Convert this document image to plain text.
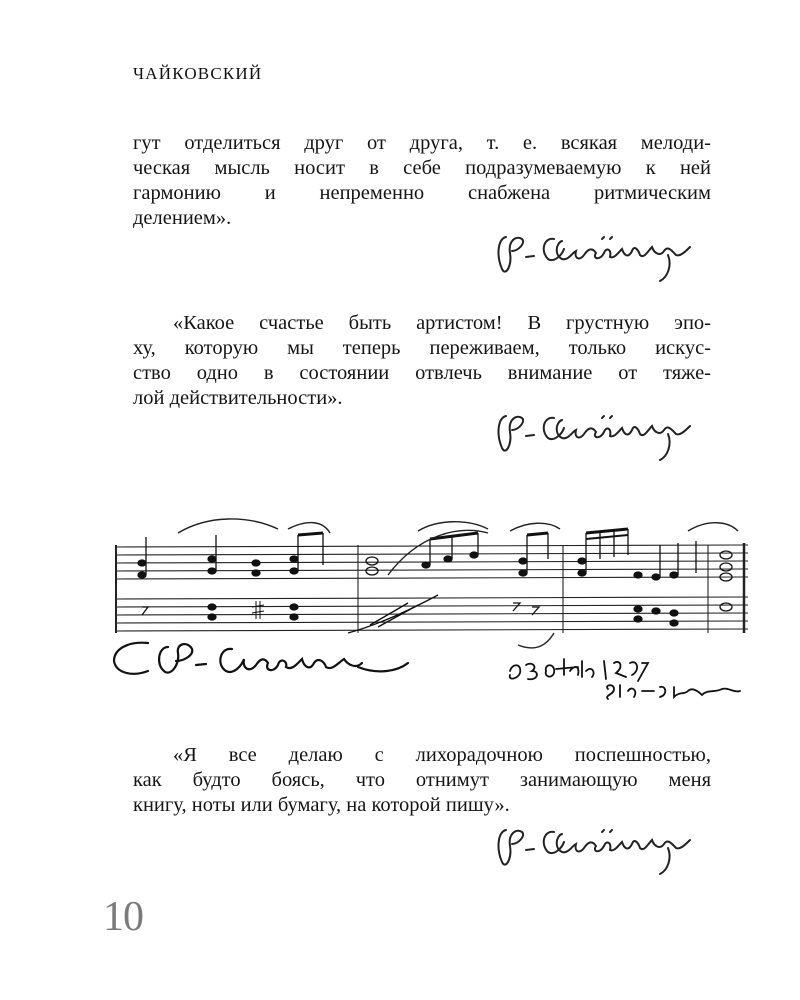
ЧАЙКОВСКИЙ
гут отделиться друг от друга, т. е. всякая мелоди-
ческая мысль носит в себе подразумеваемую к ней
гармонию и непременно снабжена ритмическим
делением».
«Какое счастье быть артистом! В грустную эпо-
ху, которую мы теперь переживаем, только искус-
ство одно в состоянии отвлечь внимание от тяже-
лой действительности».
«Я все делаю с лихорадочною поспешностью,
как будто боясь, что отнимут занимающую меня
книгу, ноты или бумагу, на которой пишу».
10
